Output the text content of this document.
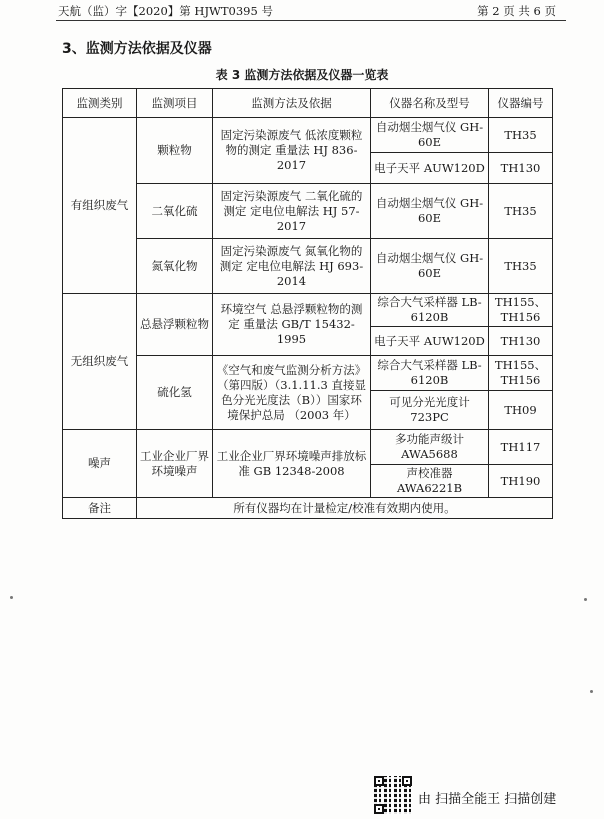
天航（监）字【2020】第 HJWT0395 号	第 2 页 共 6 页
3、监测方法依据及仪器
表 3 监测方法依据及仪器一览表
监测类别	监测项目	监测方法及依据	仪器名称及型号	仪器编号
有组织废气	颗粒物	固定污染源废气 低浓度颗粒物的测定 重量法 HJ 836-2017	自动烟尘烟气仪 GH-60E	TH35
			电子天平 AUW120D	TH130
	二氧化硫	固定污染源废气 二氧化硫的测定 定电位电解法 HJ 57-2017	自动烟尘烟气仪 GH-60E	TH35
	氮氧化物	固定污染源废气 氮氧化物的测定 定电位电解法 HJ 693-2014	自动烟尘烟气仪 GH-60E	TH35
无组织废气	总悬浮颗粒物	环境空气 总悬浮颗粒物的测定 重量法 GB/T 15432-1995	综合大气采样器 LB-6120B	TH155、TH156
			电子天平 AUW120D	TH130
	硫化氢	《空气和废气监测分析方法》（第四版）（3.1.11.3 直接显色分光光度法（B））国家环境保护总局 （2003 年）	综合大气采样器 LB-6120B	TH155、TH156
			可见分光光度计 723PC	TH09
噪声	工业企业厂界环境噪声	工业企业厂界环境噪声排放标准 GB 12348-2008	多功能声级计 AWA5688	TH117
			声校准器 AWA6221B	TH190
备注	所有仪器均在计量检定/校准有效期内使用。			
由 扫描全能王 扫描创建
